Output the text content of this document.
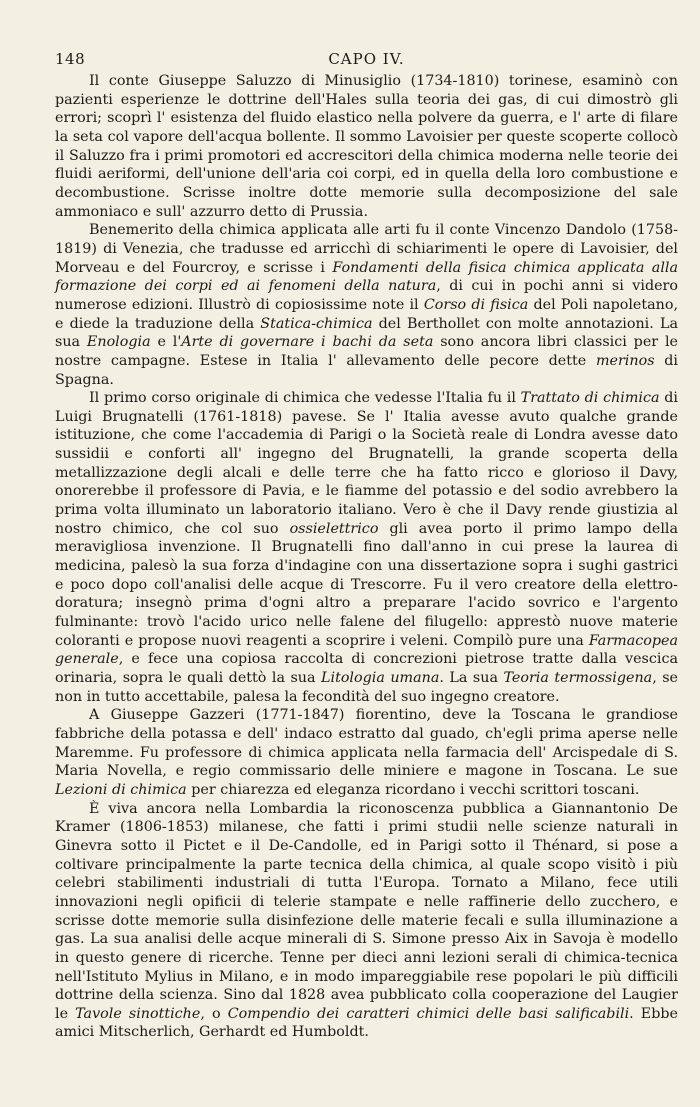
148	CAPO IV.

Il conte Giuseppe Saluzzo di Minusiglio (1734-1810) torinese, esaminò con pazienti esperienze le dottrine dell'Hales sulla teoria dei gas, di cui dimostrò gli errori; scoprì l' esistenza del fluido elastico nella polvere da guerra, e l' arte di filare la seta col vapore dell'acqua bollente. Il sommo Lavoisier per queste scoperte collocò il Saluzzo fra i primi promotori ed accrescitori della chimica moderna nelle teorie dei fluidi aeriformi, dell'unione dell'aria coi corpi, ed in quella della loro combustione e decombustione. Scrisse inoltre dotte memorie sulla decomposizione del sale ammoniaco e sull' azzurro detto di Prussia.

Benemerito della chimica applicata alle arti fu il conte Vincenzo Dandolo (1758-1819) di Venezia, che tradusse ed arricchì di schiarimenti le opere di Lavoisier, del Morveau e del Fourcroy, e scrisse i Fondamenti della fisica chimica applicata alla formazione dei corpi ed ai fenomeni della natura, di cui in pochi anni si videro numerose edizioni. Illustrò di copiosissime note il Corso di fisica del Poli napoletano, e diede la traduzione della Statica-chimica del Berthollet con molte annotazioni. La sua Enologia e l'Arte di governare i bachi da seta sono ancora libri classici per le nostre campagne. Estese in Italia l' allevamento delle pecore dette merinos di Spagna.

Il primo corso originale di chimica che vedesse l'Italia fu il Trattato di chimica di Luigi Brugnatelli (1761-1818) pavese. Se l' Italia avesse avuto qualche grande istituzione, che come l'accademia di Parigi o la Società reale di Londra avesse dato sussidii e conforti all' ingegno del Brugnatelli, la grande scoperta della metallizzazione degli alcali e delle terre che ha fatto ricco e glorioso il Davy, onorerebbe il professore di Pavia, e le fiamme del potassio e del sodio avrebbero la prima volta illuminato un laboratorio italiano. Vero è che il Davy rende giustizia al nostro chimico, che col suo ossielettrico gli avea porto il primo lampo della meravigliosa invenzione. Il Brugnatelli fino dall'anno in cui prese la laurea di medicina, palesò la sua forza d'indagine con una dissertazione sopra i sughi gastrici e poco dopo coll'analisi delle acque di Trescorre. Fu il vero creatore della elettro-doratura; insegnò prima d'ogni altro a preparare l'acido sovrico e l'argento fulminante: trovò l'acido urico nelle falene del filugello: apprestò nuove materie coloranti e propose nuovi reagenti a scoprire i veleni. Compilò pure una Farmacopea generale, e fece una copiosa raccolta di concrezioni pietrose tratte dalla vescica orinaria, sopra le quali dettò la sua Litologia umana. La sua Teoria termossigena, se non in tutto accettabile, palesa la fecondità del suo ingegno creatore.

A Giuseppe Gazzeri (1771-1847) fiorentino, deve la Toscana le grandiose fabbriche della potassa e dell' indaco estratto dal guado, ch'egli prima aperse nelle Maremme. Fu professore di chimica applicata nella farmacia dell' Arcispedale di S. Maria Novella, e regio commissario delle miniere e magone in Toscana. Le sue Lezioni di chimica per chiarezza ed eleganza ricordano i vecchi scrittori toscani.

È viva ancora nella Lombardia la riconoscenza pubblica a Giannantonio De Kramer (1806-1853) milanese, che fatti i primi studii nelle scienze naturali in Ginevra sotto il Pictet e il De-Candolle, ed in Parigi sotto il Thénard, si pose a coltivare principalmente la parte tecnica della chimica, al quale scopo visitò i più celebri stabilimenti industriali di tutta l'Europa. Tornato a Milano, fece utili innovazioni negli opificii di telerie stampate e nelle raffinerie dello zucchero, e scrisse dotte memorie sulla disinfezione delle materie fecali e sulla illuminazione a gas. La sua analisi delle acque minerali di S. Simone presso Aix in Savoja è modello in questo genere di ricerche. Tenne per dieci anni lezioni serali di chimica-tecnica nell'Istituto Mylius in Milano, e in modo impareggiabile rese popolari le più difficili dottrine della scienza. Sino dal 1828 avea pubblicato colla cooperazione del Laugier le Tavole sinottiche, o Compendio dei caratteri chimici delle basi salificabili. Ebbe amici Mitscherlich, Gerhardt ed Humboldt.
